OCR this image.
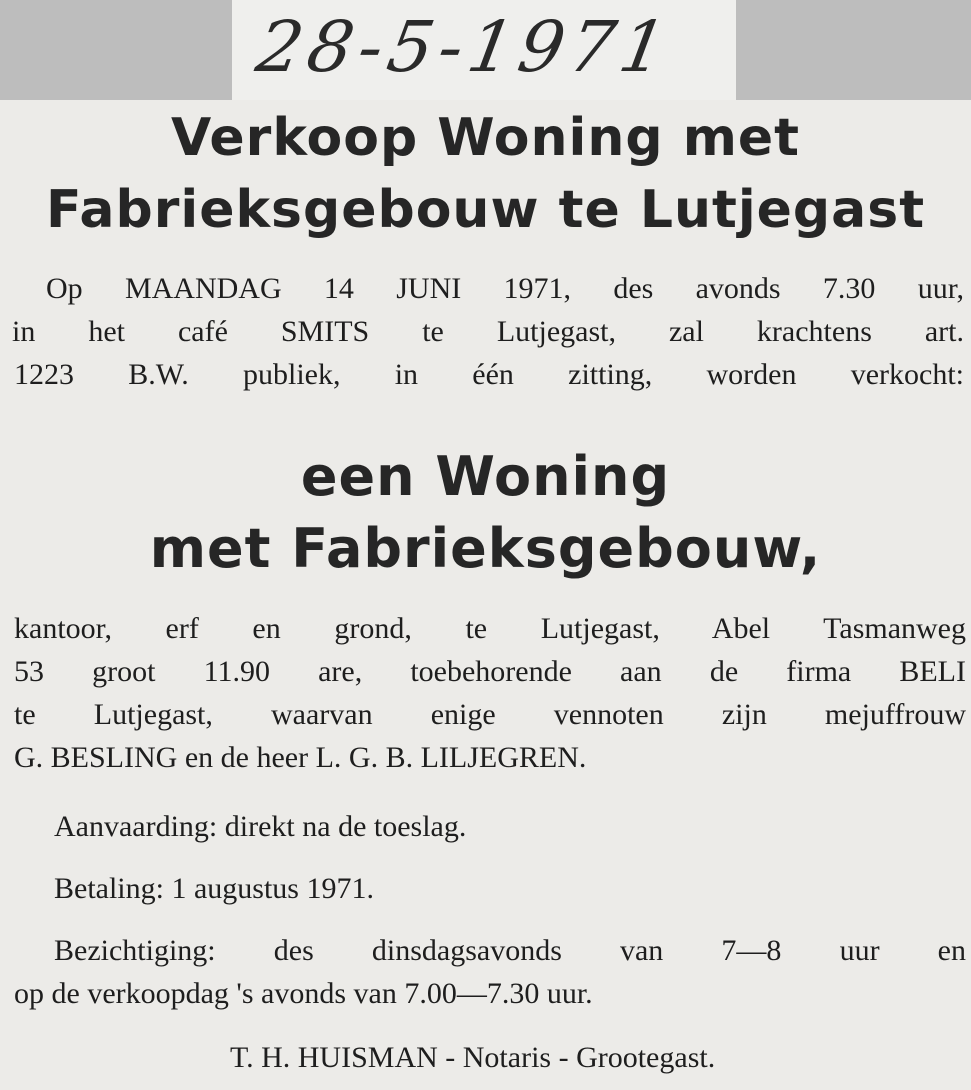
28-5-1971
Verkoop Woning met
Fabrieksgebouw te Lutjegast
Op MAANDAG 14 JUNI 1971, des avonds 7.30 uur,
in het café SMITS te Lutjegast, zal krachtens art.
1223 B.W. publiek, in één zitting, worden verkocht:
een Woning
met Fabrieksgebouw,
kantoor, erf en grond, te Lutjegast, Abel Tasmanweg
53 groot 11.90 are, toebehorende aan de firma BELI
te Lutjegast, waarvan enige vennoten zijn mejuffrouw
G. BESLING en de heer L. G. B. LILJEGREN.
Aanvaarding: direkt na de toeslag.
Betaling: 1 augustus 1971.
Bezichtiging: des dinsdagsavonds van 7—8 uur en
op de verkoopdag 's avonds van 7.00—7.30 uur.
T. H. HUISMAN - Notaris - Grootegast.
